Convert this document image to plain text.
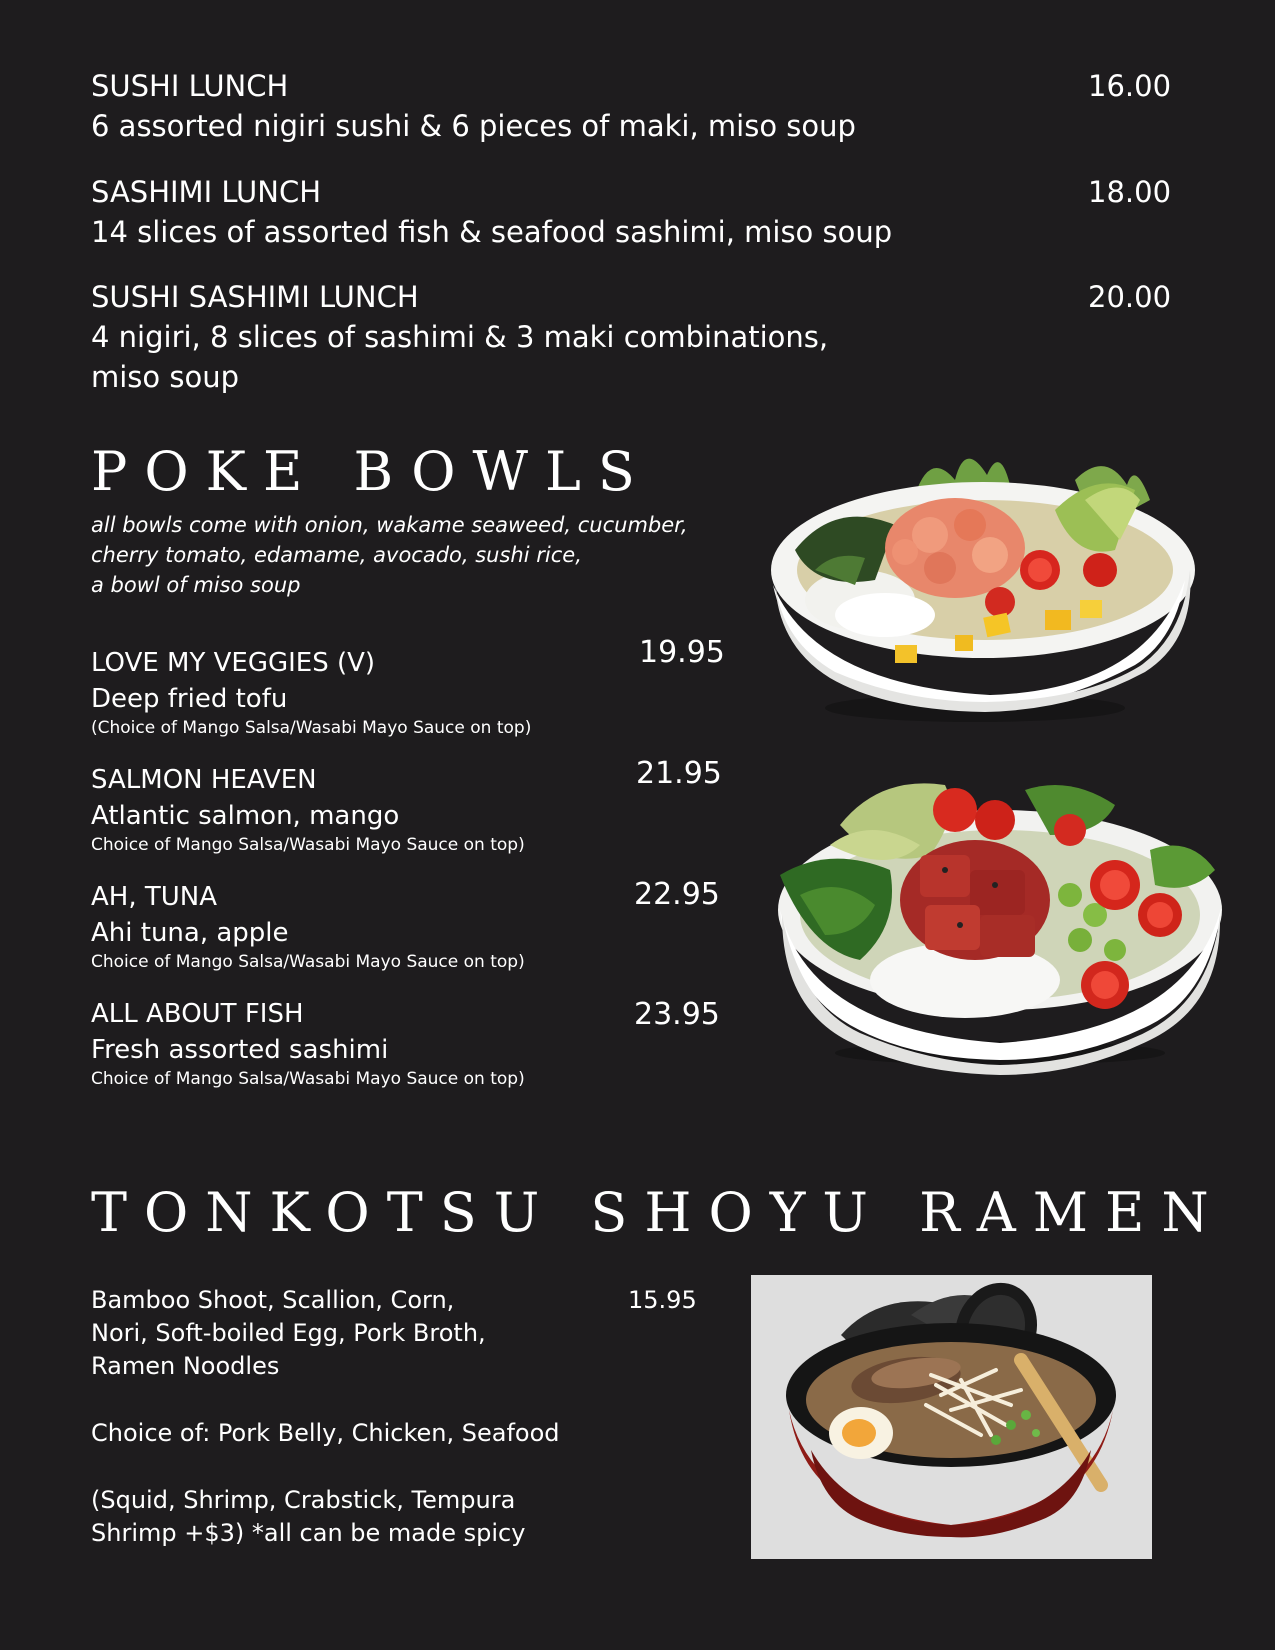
SUSHI LUNCH
6 assorted nigiri sushi & 6 pieces of maki, miso soup
16.00
SASHIMI LUNCH
14 slices of assorted fish & seafood sashimi, miso soup
18.00
SUSHI SASHIMI LUNCH
4 nigiri, 8 slices of sashimi & 3 maki combinations,
miso soup
20.00
POKE BOWLS
all bowls come with onion, wakame seaweed, cucumber,
cherry tomato, edamame, avocado, sushi rice,
a bowl of miso soup
LOVE MY VEGGIES (V)
Deep fried tofu
(Choice of Mango Salsa/Wasabi Mayo Sauce on top)
19.95
SALMON HEAVEN
Atlantic salmon, mango
Choice of Mango Salsa/Wasabi Mayo Sauce on top)
21.95
AH, TUNA
Ahi tuna, apple
Choice of Mango Salsa/Wasabi Mayo Sauce on top)
22.95
ALL ABOUT FISH
Fresh assorted sashimi
Choice of Mango Salsa/Wasabi Mayo Sauce on top)
23.95
TONKOTSU SHOYU RAMEN
15.95
Bamboo Shoot, Scallion, Corn,
Nori, Soft-boiled Egg, Pork Broth,
Ramen Noodles
Choice of: Pork Belly, Chicken, Seafood
(Squid, Shrimp, Crabstick, Tempura
Shrimp +$3) *all can be made spicy
